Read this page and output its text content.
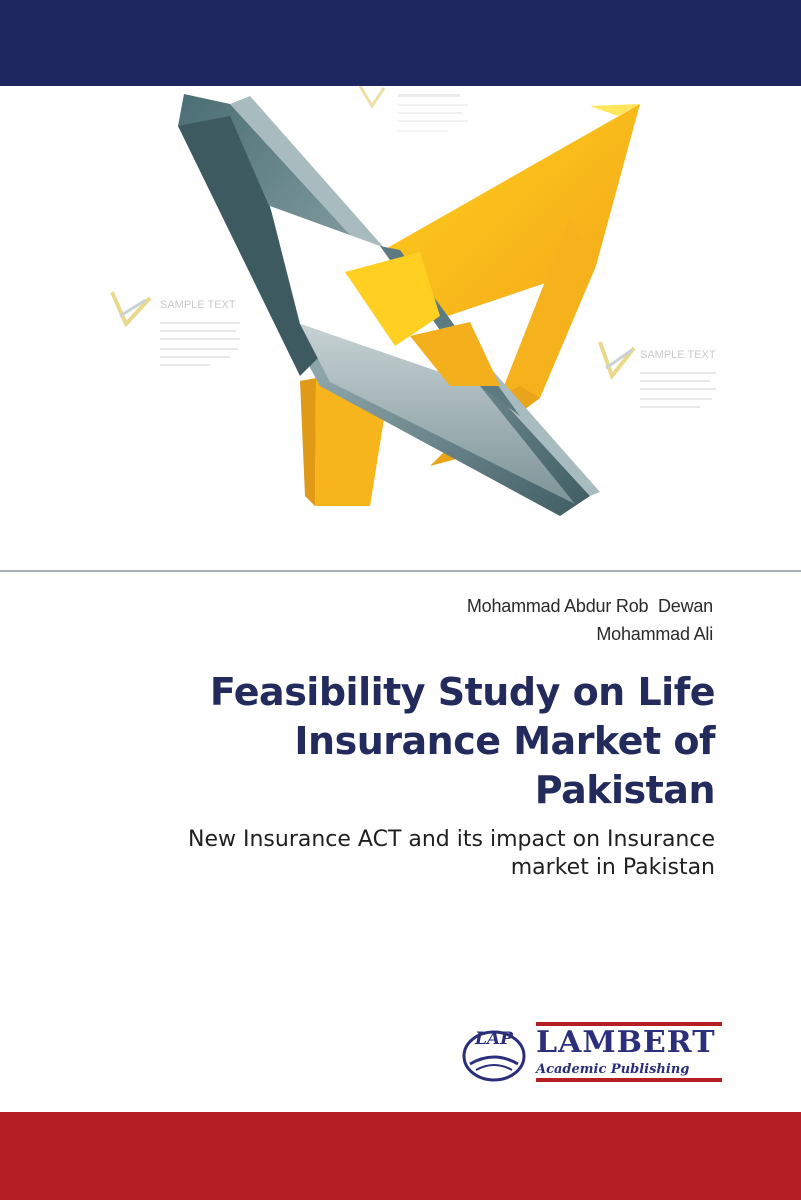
SAMPLE TEXT
SAMPLE TEXT
Mohammad Abdur Rob  Dewan
Mohammad Ali
Feasibility Study on Life
Insurance Market of
Pakistan
New Insurance ACT and its impact on Insurance
market in Pakistan
LAP LAMBERT
Academic Publishing
